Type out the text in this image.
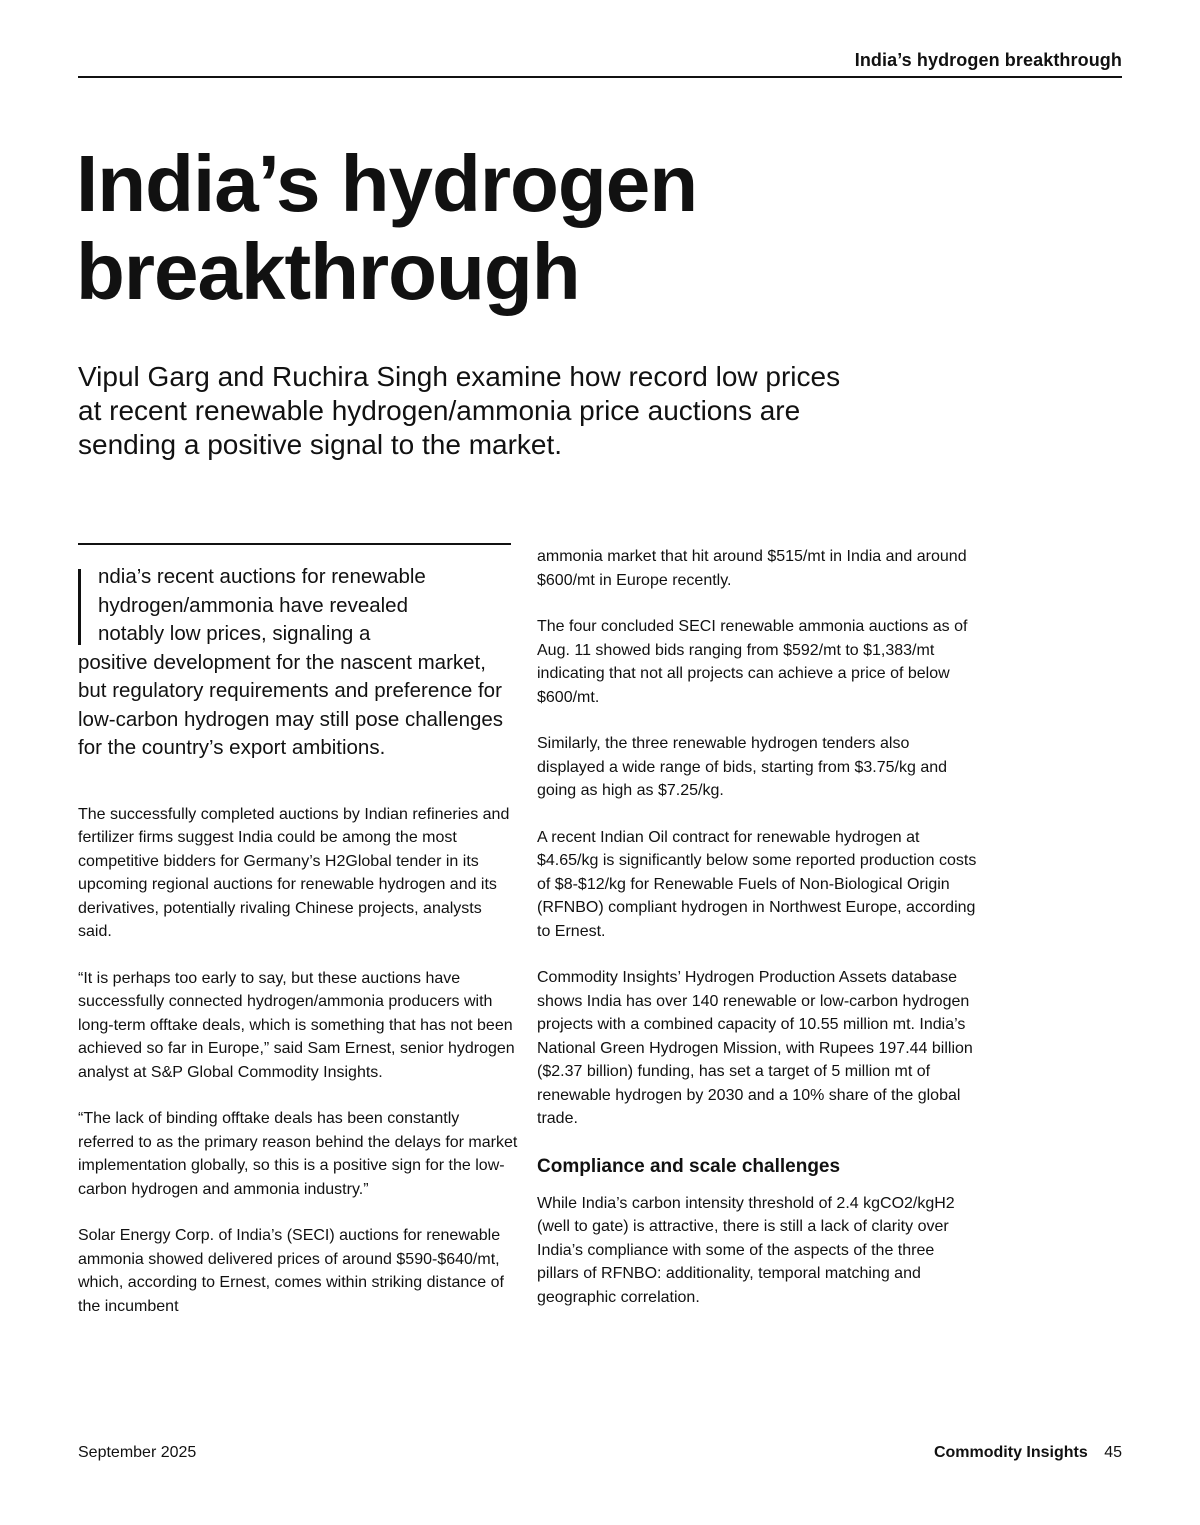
India’s hydrogen breakthrough
India’s hydrogen
breakthrough
Vipul Garg and Ruchira Singh examine how record low prices at recent renewable hydrogen/ammonia price auctions are sending a positive signal to the market.

ndia’s recent auctions for renewable
hydrogen/ammonia have revealed
notably low prices, signaling a
positive development for the nascent market, but regulatory requirements and preference for low-carbon hydrogen may still pose challenges for the country’s export ambitions.

The successfully completed auctions by Indian refineries and fertilizer firms suggest India could be among the most competitive bidders for Germany’s H2Global tender in its upcoming regional auctions for renewable hydrogen and its derivatives, potentially rivaling Chinese projects, analysts said.

“It is perhaps too early to say, but these auctions have successfully connected hydrogen/ammonia producers with long-term offtake deals, which is something that has not been achieved so far in Europe,” said Sam Ernest, senior hydrogen analyst at S&P Global Commodity Insights.

“The lack of binding offtake deals has been constantly referred to as the primary reason behind the delays for market implementation globally, so this is a positive sign for the low-carbon hydrogen and ammonia industry.”

Solar Energy Corp. of India’s (SECI) auctions for renewable ammonia showed delivered prices of around $590-$640/mt, which, according to Ernest, comes within striking distance of the incumbent

ammonia market that hit around $515/mt in India and around $600/mt in Europe recently.

The four concluded SECI renewable ammonia auctions as of Aug. 11 showed bids ranging from $592/mt to $1,383/mt indicating that not all projects can achieve a price of below $600/mt.

Similarly, the three renewable hydrogen tenders also displayed a wide range of bids, starting from $3.75/kg and going as high as $7.25/kg.

A recent Indian Oil contract for renewable hydrogen at $4.65/kg is significantly below some reported production costs of $8-$12/kg for Renewable Fuels of Non-Biological Origin (RFNBO) compliant hydrogen in Northwest Europe, according to Ernest.

Commodity Insights’ Hydrogen Production Assets database shows India has over 140 renewable or low-carbon hydrogen projects with a combined capacity of 10.55 million mt. India’s National Green Hydrogen Mission, with Rupees 197.44 billion ($2.37 billion) funding, has set a target of 5 million mt of renewable hydrogen by 2030 and a 10% share of the global trade.

Compliance and scale challenges

While India’s carbon intensity threshold of 2.4 kgCO2/kgH2 (well to gate) is attractive, there is still a lack of clarity over India’s compliance with some of the aspects of the three pillars of RFNBO: additionality, temporal matching and geographic correlation.

September 2025	Commodity Insights 45
